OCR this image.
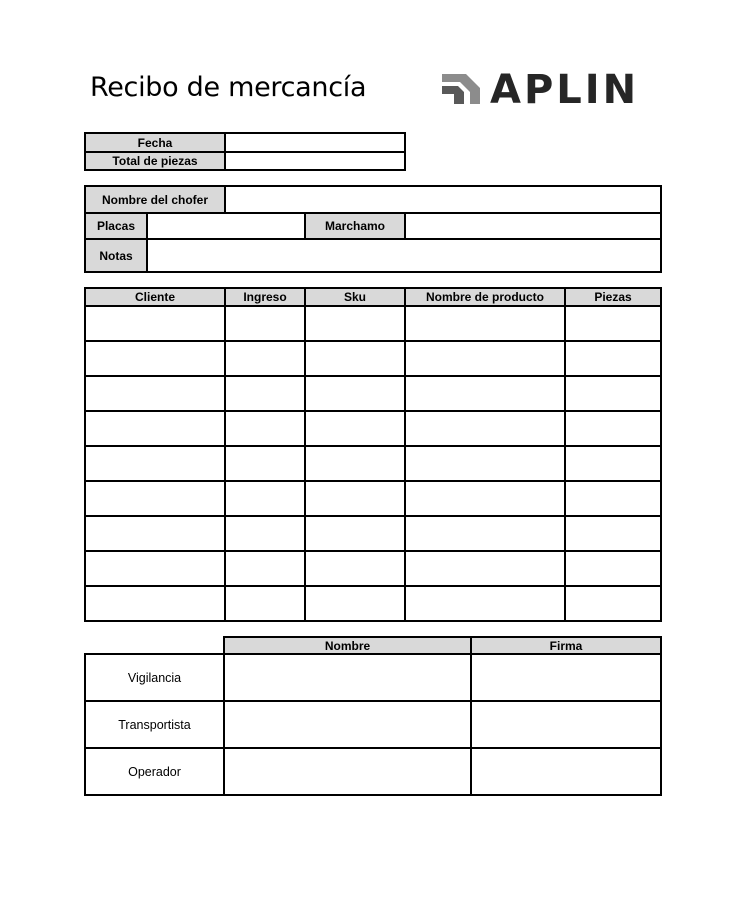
Recibo de mercancía	APLIN
Fecha	
Total de piezas	
Nombre del chofer				
Placas			Marchamo	
Notas				
Cliente	Ingreso	Sku	Nombre de producto	Piezas

	Nombre	Firma
Vigilancia		
Transportista		
Operador		
